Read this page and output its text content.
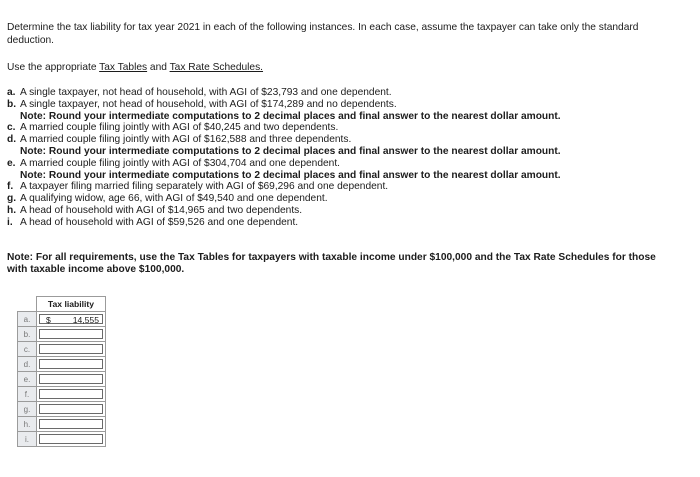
Determine the tax liability for tax year 2021 in each of the following instances. In each case, assume the taxpayer can take only the standard deduction.
Use the appropriate Tax Tables and Tax Rate Schedules.
a. A single taxpayer, not head of household, with AGI of $23,793 and one dependent.
b. A single taxpayer, not head of household, with AGI of $174,289 and no dependents.
Note: Round your intermediate computations to 2 decimal places and final answer to the nearest dollar amount.
c. A married couple filing jointly with AGI of $40,245 and two dependents.
d. A married couple filing jointly with AGI of $162,588 and three dependents.
Note: Round your intermediate computations to 2 decimal places and final answer to the nearest dollar amount.
e. A married couple filing jointly with AGI of $304,704 and one dependent.
Note: Round your intermediate computations to 2 decimal places and final answer to the nearest dollar amount.
f. A taxpayer filing married filing separately with AGI of $69,296 and one dependent.
g. A qualifying widow, age 66, with AGI of $49,540 and one dependent.
h. A head of household with AGI of $14,965 and two dependents.
i. A head of household with AGI of $59,526 and one dependent.
Note: For all requirements, use the Tax Tables for taxpayers with taxable income under $100,000 and the Tax Rate Schedules for those with taxable income above $100,000.
	Tax liability
a.	$ 14,555

b.	

c.	

d.	

e.	

f.	

g.	

h.	

i.	
